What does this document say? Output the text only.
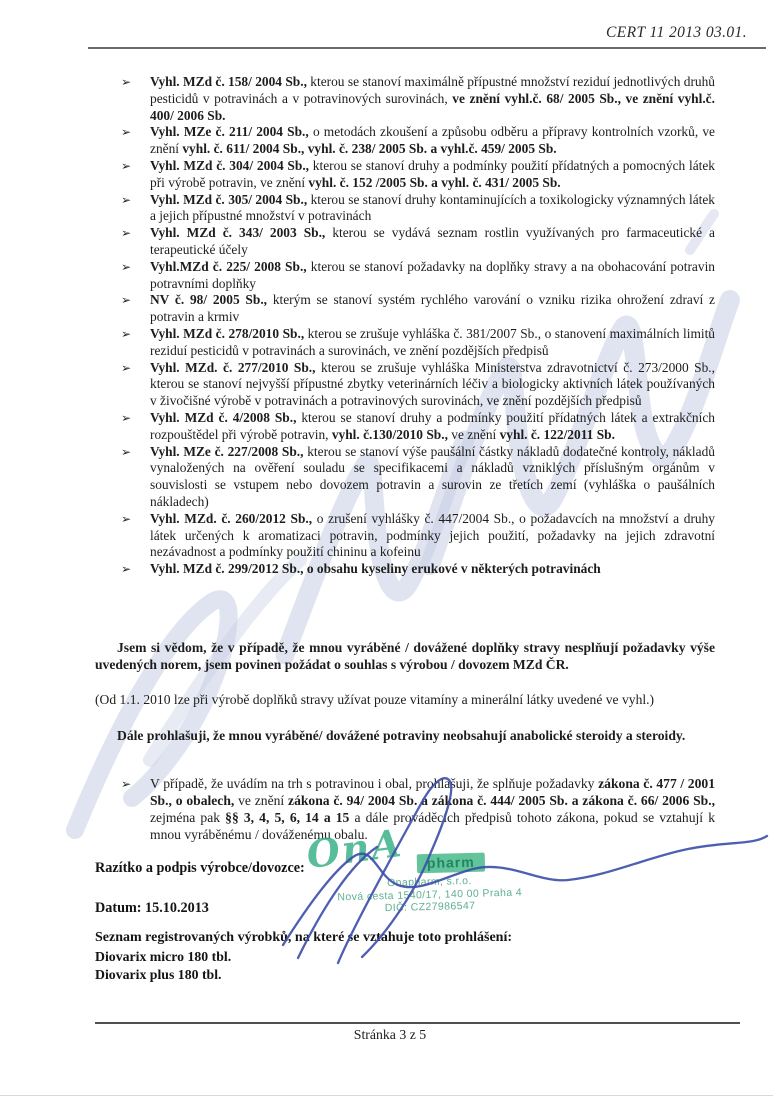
CERT 11 2013 03.01.
➢ Vyhl. MZd č. 158/ 2004 Sb., kterou se stanoví maximálně přípustné množství reziduí jednotlivých druhů pesticidů v potravinách a v potravinových surovinách, ve znění vyhl.č. 68/ 2005 Sb., ve znění vyhl.č. 400/ 2006 Sb.
➢ Vyhl. MZe č. 211/ 2004 Sb., o metodách zkoušení a způsobu odběru a přípravy kontrolních vzorků, ve znění vyhl. č. 611/ 2004 Sb., vyhl. č. 238/ 2005 Sb. a vyhl.č. 459/ 2005 Sb.
➢ Vyhl. MZd č. 304/ 2004 Sb., kterou se stanoví druhy a podmínky použití přídatných a pomocných látek při výrobě potravin, ve znění vyhl. č. 152 /2005 Sb. a vyhl. č. 431/ 2005 Sb.
➢ Vyhl. MZd č. 305/ 2004 Sb., kterou se stanoví druhy kontaminujících a toxikologicky významných látek a jejich přípustné množství v potravinách
➢ Vyhl. MZd č. 343/ 2003 Sb., kterou se vydává seznam rostlin využívaných pro farmaceutické a terapeutické účely
➢ Vyhl.MZd č. 225/ 2008 Sb., kterou se stanoví požadavky na doplňky stravy a na obohacování potravin potravními doplňky
➢ NV č. 98/ 2005 Sb., kterým se stanoví systém rychlého varování o vzniku rizika ohrožení zdraví z potravin a krmiv
➢ Vyhl. MZd č. 278/2010 Sb., kterou se zrušuje vyhláška č. 381/2007 Sb., o stanovení maximálních limitů reziduí pesticidů v potravinách a surovinách, ve znění pozdějších předpisů
➢ Vyhl. MZd. č. 277/2010 Sb., kterou se zrušuje vyhláška Ministerstva zdravotnictví č. 273/2000 Sb., kterou se stanoví nejvyšší přípustné zbytky veterinárních léčiv a biologicky aktivních látek používaných v živočišné výrobě v potravinách a potravinových surovinách, ve znění pozdějších předpisů
➢ Vyhl. MZd č. 4/2008 Sb., kterou se stanoví druhy a podmínky použití přídatných látek a extrakčních rozpouštědel při výrobě potravin, vyhl. č.130/2010 Sb., ve znění vyhl. č. 122/2011 Sb.
➢ Vyhl. MZe č. 227/2008 Sb., kterou se stanoví výše paušální částky nákladů dodatečné kontroly, nákladů vynaložených na ověření souladu se specifikacemi a nákladů vzniklých příslušným orgánům v souvislosti se vstupem nebo dovozem potravin a surovin ze třetích zemí (vyhláška o paušálních nákladech)
➢ Vyhl. MZd. č. 260/2012 Sb., o zrušení vyhlášky č. 447/2004 Sb., o požadavcích na množství a druhy látek určených k aromatizaci potravin, podmínky jejich použití, požadavky na jejich zdravotní nezávadnost a podmínky použití chininu a kofeinu
➢ Vyhl. MZd č. 299/2012 Sb., o obsahu kyseliny erukové v některých potravinách

Jsem si vědom, že v případě, že mnou vyráběné / dovážené doplňky stravy nesplňují požadavky výše uvedených norem, jsem povinen požádat o souhlas s výrobou / dovozem MZd ČR.

(Od 1.1. 2010 lze při výrobě doplňků stravy užívat pouze vitamíny a minerální látky uvedené ve vyhl.)

Dále prohlašuji, že mnou vyráběné/ dovážené potraviny neobsahují anabolické steroidy a steroidy.

➢	V případě, že uvádím na trh s potravinou i obal, prohlašuji, že splňuje požadavky zákona č. 477 / 2001 Sb., o obalech, ve znění zákona č. 94/ 2004 Sb. a zákona č. 444/ 2005 Sb. a zákona č. 66/ 2006 Sb., zejména pak §§ 3, 4, 5, 6, 14 a 15 a dále prováděcích předpisů tohoto zákona, pokud se vztahují k mnou vyráběnému / dováženému obalu.
Razítko a podpis výrobce/dovozce:
Datum: 15.10.2013
OnA	pharm
Onapharm, s.r.o.
Nová cesta 1540/17, 140 00 Praha 4
DIČ: CZ27986547
Seznam registrovaných výrobků, na které se vztahuje toto prohlášení:
Diovarix micro 180 tbl.
Diovarix plus 180 tbl.
Stránka 3 z 5
